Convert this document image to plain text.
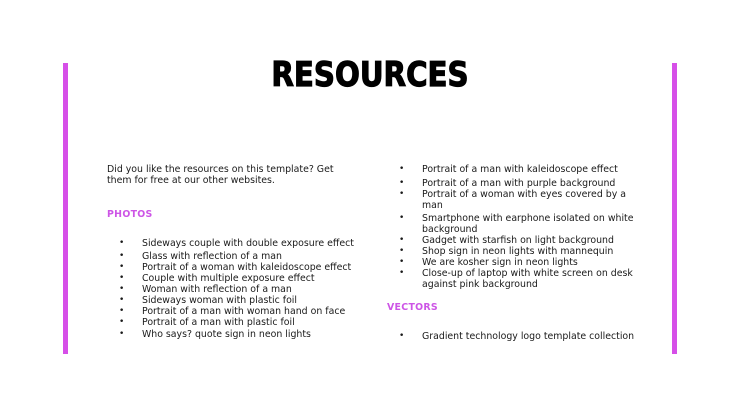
RESOURCES

Did you like the resources on this template? Get them for free at our other websites.

PHOTOS
• Sideways couple with double exposure effect
• Glass with reflection of a man
• Portrait of a woman with kaleidoscope effect
• Couple with multiple exposure effect
• Woman with reflection of a man
• Sideways woman with plastic foil
• Portrait of a man with woman hand on face
• Portrait of a man with plastic foil
• Who says? quote sign in neon lights
• Portrait of a man with kaleidoscope effect
• Portrait of a man with purple background
• Portrait of a woman with eyes covered by a man
• Smartphone with earphone isolated on white background
• Gadget with starfish on light background
• Shop sign in neon lights with mannequin
• We are kosher sign in neon lights
• Close-up of laptop with white screen on desk against pink background
VECTORS
• Gradient technology logo template collection
